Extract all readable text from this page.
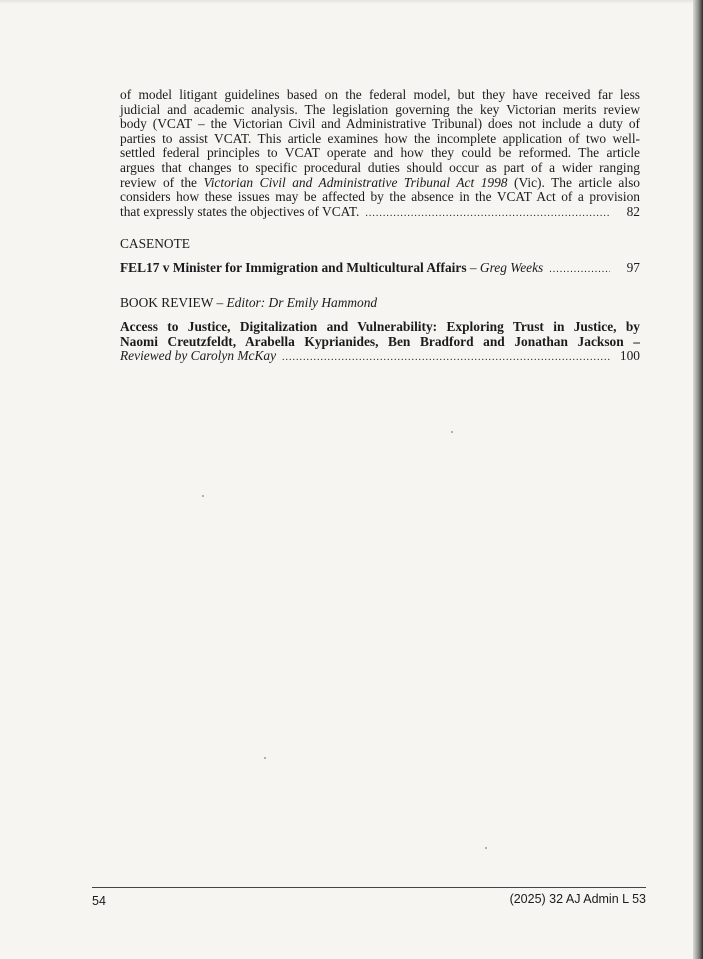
of model litigant guidelines based on the federal model, but they have received far less
judicial and academic analysis. The legislation governing the key Victorian merits review
body (VCAT – the Victorian Civil and Administrative Tribunal) does not include a duty of
parties to assist VCAT. This article examines how the incomplete application of two well-
settled federal principles to VCAT operate and how they could be reformed. The article
argues that changes to specific procedural duties should occur as part of a wider ranging
review of the Victorian Civil and Administrative Tribunal Act 1998 (Vic). The article also
considers how these issues may be affected by the absence in the VCAT Act of a provision
that expressly states the objectives of VCAT. .....	82
CASENOTE
FEL17 v Minister for Immigration and Multicultural Affairs – Greg Weeks .....	97
BOOK REVIEW – Editor: Dr Emily Hammond
Access to Justice, Digitalization and Vulnerability: Exploring Trust in Justice, by
Naomi Creutzfeldt, Arabella Kyprianides, Ben Bradford and Jonathan Jackson –
Reviewed by Carolyn McKay .....	100
54	(2025) 32 AJ Admin L 53
